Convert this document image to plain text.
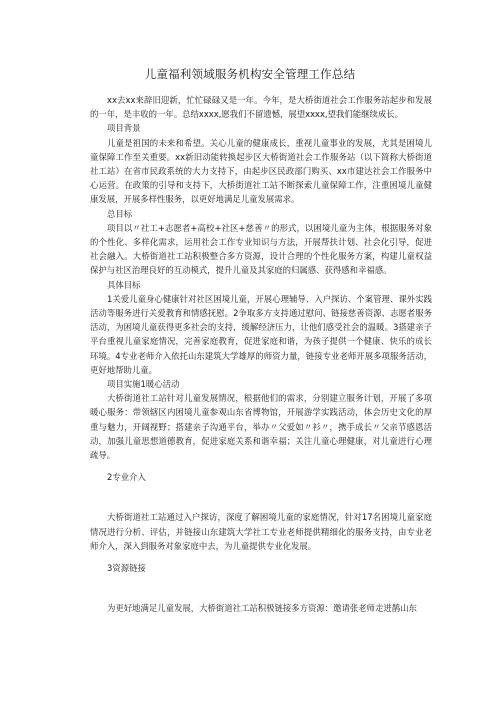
儿童福利领域服务机构安全管理工作总结

xx去xx来辞旧迎新，忙忙碌碌又是一年。今年，是大桥街道社会工作服务站起步和发展的一年，是丰收的一年。总结xxxx,愿我们不留遗憾，展望xxxx,望我们能继续成长。

项目背景

儿童是祖国的未来和希望。关心儿童的健康成长，重视儿童事业的发展，尤其是困境儿童保障工作至关重要。xx新旧动能转换起步区大桥街道社会工作服务站（以下简称大桥街道社工站）在省市民政系统的大力支持下，由起步区民政部门购买、xx市建达社会工作服务中心运营。在政策的引导和支持下，大桥街道社工站不断探索儿童保障工作，注重困境儿童健康发展，开展多样性服务，以更好地满足儿童发展需求。

总目标

项目以〃社工+志愿者+高校+社区+慈善〃的形式，以困境儿童为主体，根据服务对象的个性化、多样化需求，运用社会工作专业知识与方法，开展帮扶计划、社会化引导，促进社会融入。大桥街道社工站积极整合多方资源，设计合理的个性化服务方案，构建儿童权益保护与社区治理良好的互动模式，提升儿童及其家庭的归属感、获得感和幸福感。

具体目标

1关爱儿童身心健康针对社区困境儿童，开展心理辅导、入户探访、个案管理、课外实践活动等服务进行关爱教育和情感抚慰。2争取多方支持通过慰问、链接慈善资源、志愿者服务活动，为困境儿童获得更多社会的支持，缓解经济压力，让他们感受社会的温暖。3搭建亲子平台重视儿童家庭情况，完善家庭教育，促进家庭和谐，为孩子提供一个健康、快乐的成长环境。4专业老师介入依托山东建筑大学雄厚的师资力量，链接专业老师开展多项服务活动，更好地帮助儿童。

项目实施1暖心活动

大桥街道社工站针对儿童发展情况，根据他们的需求，分别建立服务计划，开展了多项暖心服务：带领辖区内困境儿童参观山东省博物馆，开展游学实践活动，体会历史文化的厚重与魅力，开阔视野；搭建亲子沟通平台，举办〃父爱如〃衫〃，携手成长〃父亲节感恩活动，加强儿童思想道德教育，促进家庭关系和谐幸福；关注儿童心理健康，对儿童进行心理疏导。

2专业介入

大桥街道社工站通过入户探访，深度了解困境儿童的家庭情况，针对17名困境儿童家庭情况进行分析、评估，并链接山东建筑大学社工专业老师提供精细化的服务支持，由专业老师介入，深入到服务对象家庭中去，为儿童提供专业化发展。

3资源链接

为更好地满足儿童发展，大桥街道社工站积极链接多方资源：邀请张老师走进鹊山东
